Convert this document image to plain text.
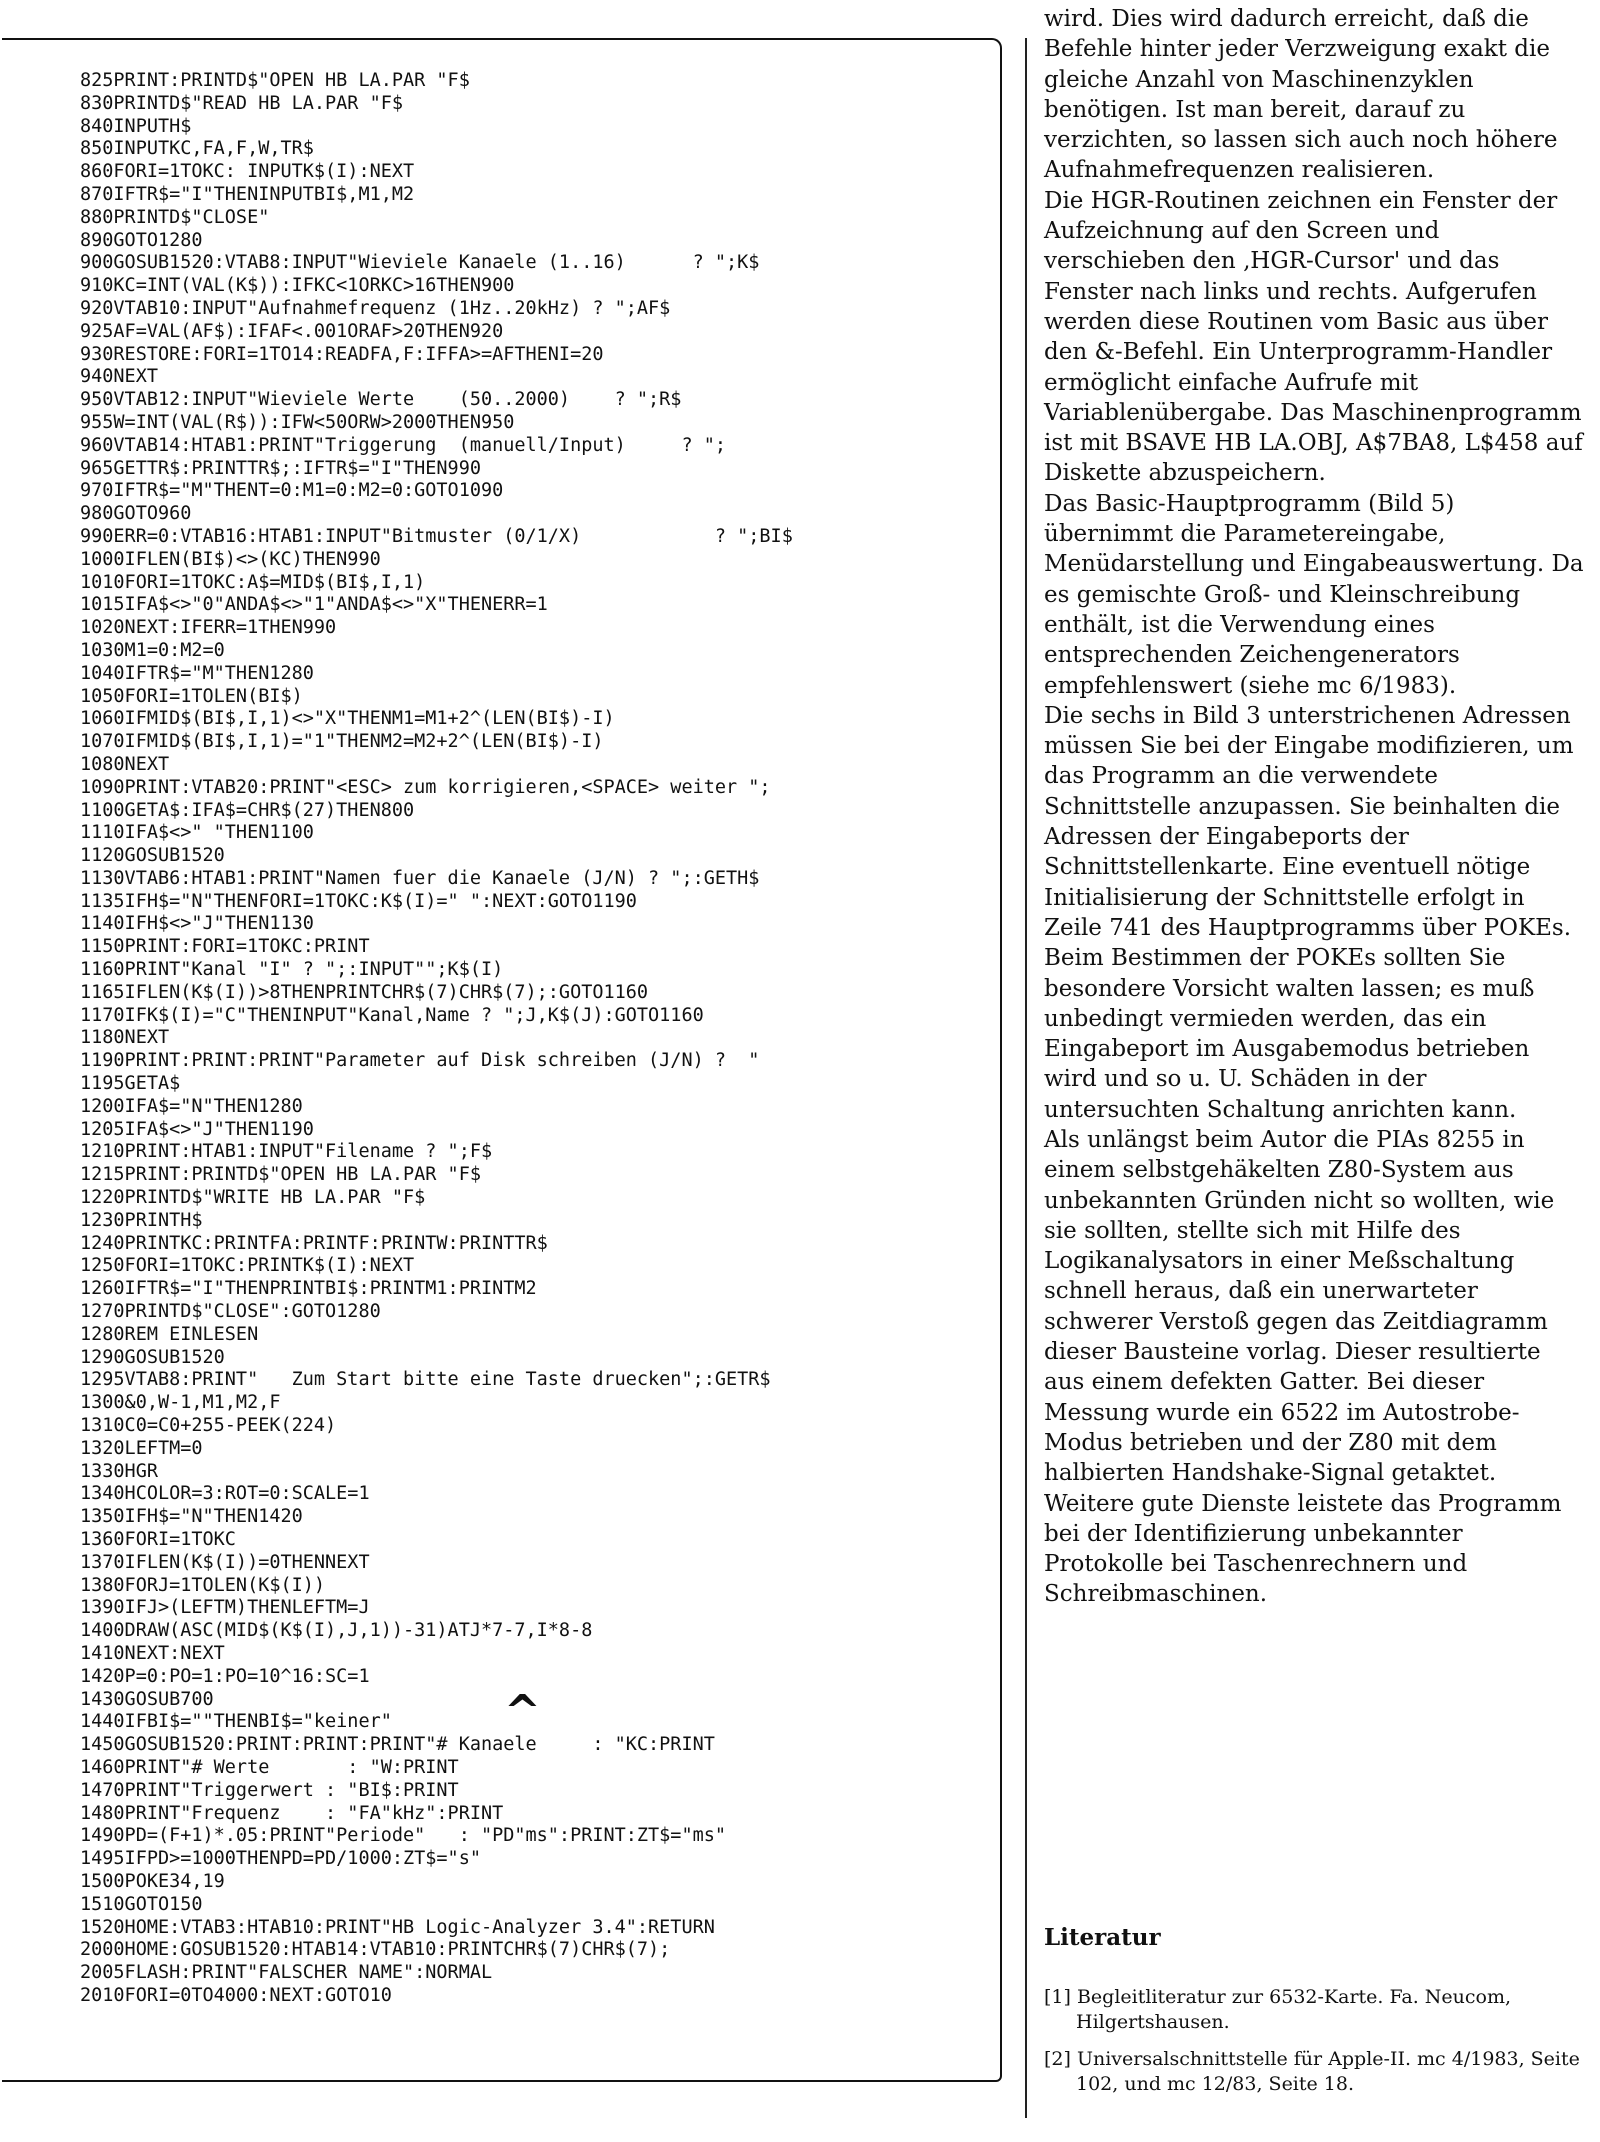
825PRINT:PRINTD$"OPEN HB LA.PAR "F$
830PRINTD$"READ HB LA.PAR "F$
840INPUTH$
850INPUTKC,FA,F,W,TR$
860FORI=1TOKC: INPUTK$(I):NEXT
870IFTR$="I"THENINPUTBI$,M1,M2
880PRINTD$"CLOSE"
890GOTO1280
900GOSUB1520:VTAB8:INPUT"Wieviele Kanaele (1..16)      ? ";K$
910KC=INT(VAL(K$)):IFKC<1ORKC>16THEN900
920VTAB10:INPUT"Aufnahmefrequenz (1Hz..20kHz) ? ";AF$
925AF=VAL(AF$):IFAF<.001ORAF>20THEN920
930RESTORE:FORI=1TO14:READFA,F:IFFA>=AFTHENI=20
940NEXT
950VTAB12:INPUT"Wieviele Werte    (50..2000)    ? ";R$
955W=INT(VAL(R$)):IFW<50ORW>2000THEN950
960VTAB14:HTAB1:PRINT"Triggerung  (manuell/Input)     ? ";
965GETTR$:PRINTTR$;:IFTR$="I"THEN990
970IFTR$="M"THENT=0:M1=0:M2=0:GOTO1090
980GOTO960
990ERR=0:VTAB16:HTAB1:INPUT"Bitmuster (0/1/X)            ? ";BI$
1000IFLEN(BI$)<>(KC)THEN990
1010FORI=1TOKC:A$=MID$(BI$,I,1)
1015IFA$<>"0"ANDA$<>"1"ANDA$<>"X"THENERR=1
1020NEXT:IFERR=1THEN990
1030M1=0:M2=0
1040IFTR$="M"THEN1280
1050FORI=1TOLEN(BI$)
1060IFMID$(BI$,I,1)<>"X"THENM1=M1+2^(LEN(BI$)-I)
1070IFMID$(BI$,I,1)="1"THENM2=M2+2^(LEN(BI$)-I)
1080NEXT
1090PRINT:VTAB20:PRINT"<ESC> zum korrigieren,<SPACE> weiter ";
1100GETA$:IFA$=CHR$(27)THEN800
1110IFA$<>" "THEN1100
1120GOSUB1520
1130VTAB6:HTAB1:PRINT"Namen fuer die Kanaele (J/N) ? ";:GETH$
1135IFH$="N"THENFORI=1TOKC:K$(I)=" ":NEXT:GOTO1190
1140IFH$<>"J"THEN1130
1150PRINT:FORI=1TOKC:PRINT
1160PRINT"Kanal "I" ? ";:INPUT"";K$(I)
1165IFLEN(K$(I))>8THENPRINTCHR$(7)CHR$(7);:GOTO1160
1170IFK$(I)="C"THENINPUT"Kanal,Name ? ";J,K$(J):GOTO1160
1180NEXT
1190PRINT:PRINT:PRINT"Parameter auf Disk schreiben (J/N) ?  "
1195GETA$
1200IFA$="N"THEN1280
1205IFA$<>"J"THEN1190
1210PRINT:HTAB1:INPUT"Filename ? ";F$
1215PRINT:PRINTD$"OPEN HB LA.PAR "F$
1220PRINTD$"WRITE HB LA.PAR "F$
1230PRINTH$
1240PRINTKC:PRINTFA:PRINTF:PRINTW:PRINTTR$
1250FORI=1TOKC:PRINTK$(I):NEXT
1260IFTR$="I"THENPRINTBI$:PRINTM1:PRINTM2
1270PRINTD$"CLOSE":GOTO1280
1280REM EINLESEN
1290GOSUB1520
1295VTAB8:PRINT"   Zum Start bitte eine Taste druecken";:GETR$
1300&0,W-1,M1,M2,F
1310C0=C0+255-PEEK(224)
1320LEFTM=0
1330HGR
1340HCOLOR=3:ROT=0:SCALE=1
1350IFH$="N"THEN1420
1360FORI=1TOKC
1370IFLEN(K$(I))=0THENNEXT
1380FORJ=1TOLEN(K$(I))
1390IFJ>(LEFTM)THENLEFTM=J
1400DRAW(ASC(MID$(K$(I),J,1))-31)ATJ*7-7,I*8-8
1410NEXT:NEXT
1420P=0:PO=1:PO=10^16:SC=1
1430GOSUB700
1440IFBI$=""THENBI$="keiner"
1450GOSUB1520:PRINT:PRINT:PRINT"# Kanaele     : "KC:PRINT
1460PRINT"# Werte       : "W:PRINT
1470PRINT"Triggerwert : "BI$:PRINT
1480PRINT"Frequenz    : "FA"kHz":PRINT
1490PD=(F+1)*.05:PRINT"Periode"   : "PD"ms":PRINT:ZT$="ms"
1495IFPD>=1000THENPD=PD/1000:ZT$="s"
1500POKE34,19
1510GOTO150
1520HOME:VTAB3:HTAB10:PRINT"HB Logic-Analyzer 3.4":RETURN
2000HOME:GOSUB1520:HTAB14:VTAB10:PRINTCHR$(7)CHR$(7);
2005FLASH:PRINT"FALSCHER NAME":NORMAL
2010FORI=0TO4000:NEXT:GOTO10
^

wird. Dies wird dadurch erreicht, daß die Befehle hinter jeder Verzweigung exakt die gleiche Anzahl von Maschinenzyklen benötigen. Ist man bereit, darauf zu verzichten, so lassen sich auch noch höhere Aufnahmefrequenzen realisieren.

Die HGR-Routinen zeichnen ein Fenster der Aufzeichnung auf den Screen und verschieben den ‚HGR-Cursor' und das Fenster nach links und rechts. Aufgerufen werden diese Routinen vom Basic aus über den &-Befehl. Ein Unterprogramm-Handler ermöglicht einfache Aufrufe mit Variablenübergabe. Das Maschinenprogramm ist mit BSAVE HB LA.OBJ, A$7BA8, L$458 auf Diskette abzuspeichern.

Das Basic-Hauptprogramm (Bild 5) übernimmt die Parametereingabe, Menüdarstellung und Eingabeauswertung. Da es gemischte Groß- und Kleinschreibung enthält, ist die Verwendung eines entsprechenden Zeichengenerators empfehlenswert (siehe mc 6/1983).

Die sechs in Bild 3 unterstrichenen Adressen müssen Sie bei der Eingabe modifizieren, um das Programm an die verwendete Schnittstelle anzupassen. Sie beinhalten die Adressen der Eingabeports der Schnittstellenkarte. Eine eventuell nötige Initialisierung der Schnittstelle erfolgt in Zeile 741 des Hauptprogramms über POKEs. Beim Bestimmen der POKEs sollten Sie besondere Vorsicht walten lassen; es muß unbedingt vermieden werden, das ein Eingabeport im Ausgabemodus betrieben wird und so u. U. Schäden in der untersuchten Schaltung anrichten kann.

Als unlängst beim Autor die PIAs 8255 in einem selbstgehäkelten Z80-System aus unbekannten Gründen nicht so wollten, wie sie sollten, stellte sich mit Hilfe des Logikanalysators in einer Meßschaltung schnell heraus, daß ein unerwarteter schwerer Verstoß gegen das Zeitdiagramm dieser Bausteine vorlag. Dieser resultierte aus einem defekten Gatter. Bei dieser Messung wurde ein 6522 im Autostrobe-Modus betrieben und der Z80 mit dem halbierten Handshake-Signal getaktet. Weitere gute Dienste leistete das Programm bei der Identifizierung unbekannter Protokolle bei Taschenrechnern und Schreibmaschinen.

Literatur

[1] Begleitliteratur zur 6532-Karte. Fa. Neucom, Hilgertshausen.

[2] Universalschnittstelle für Apple-II. mc 4/1983, Seite 102, und mc 12/83, Seite 18.
